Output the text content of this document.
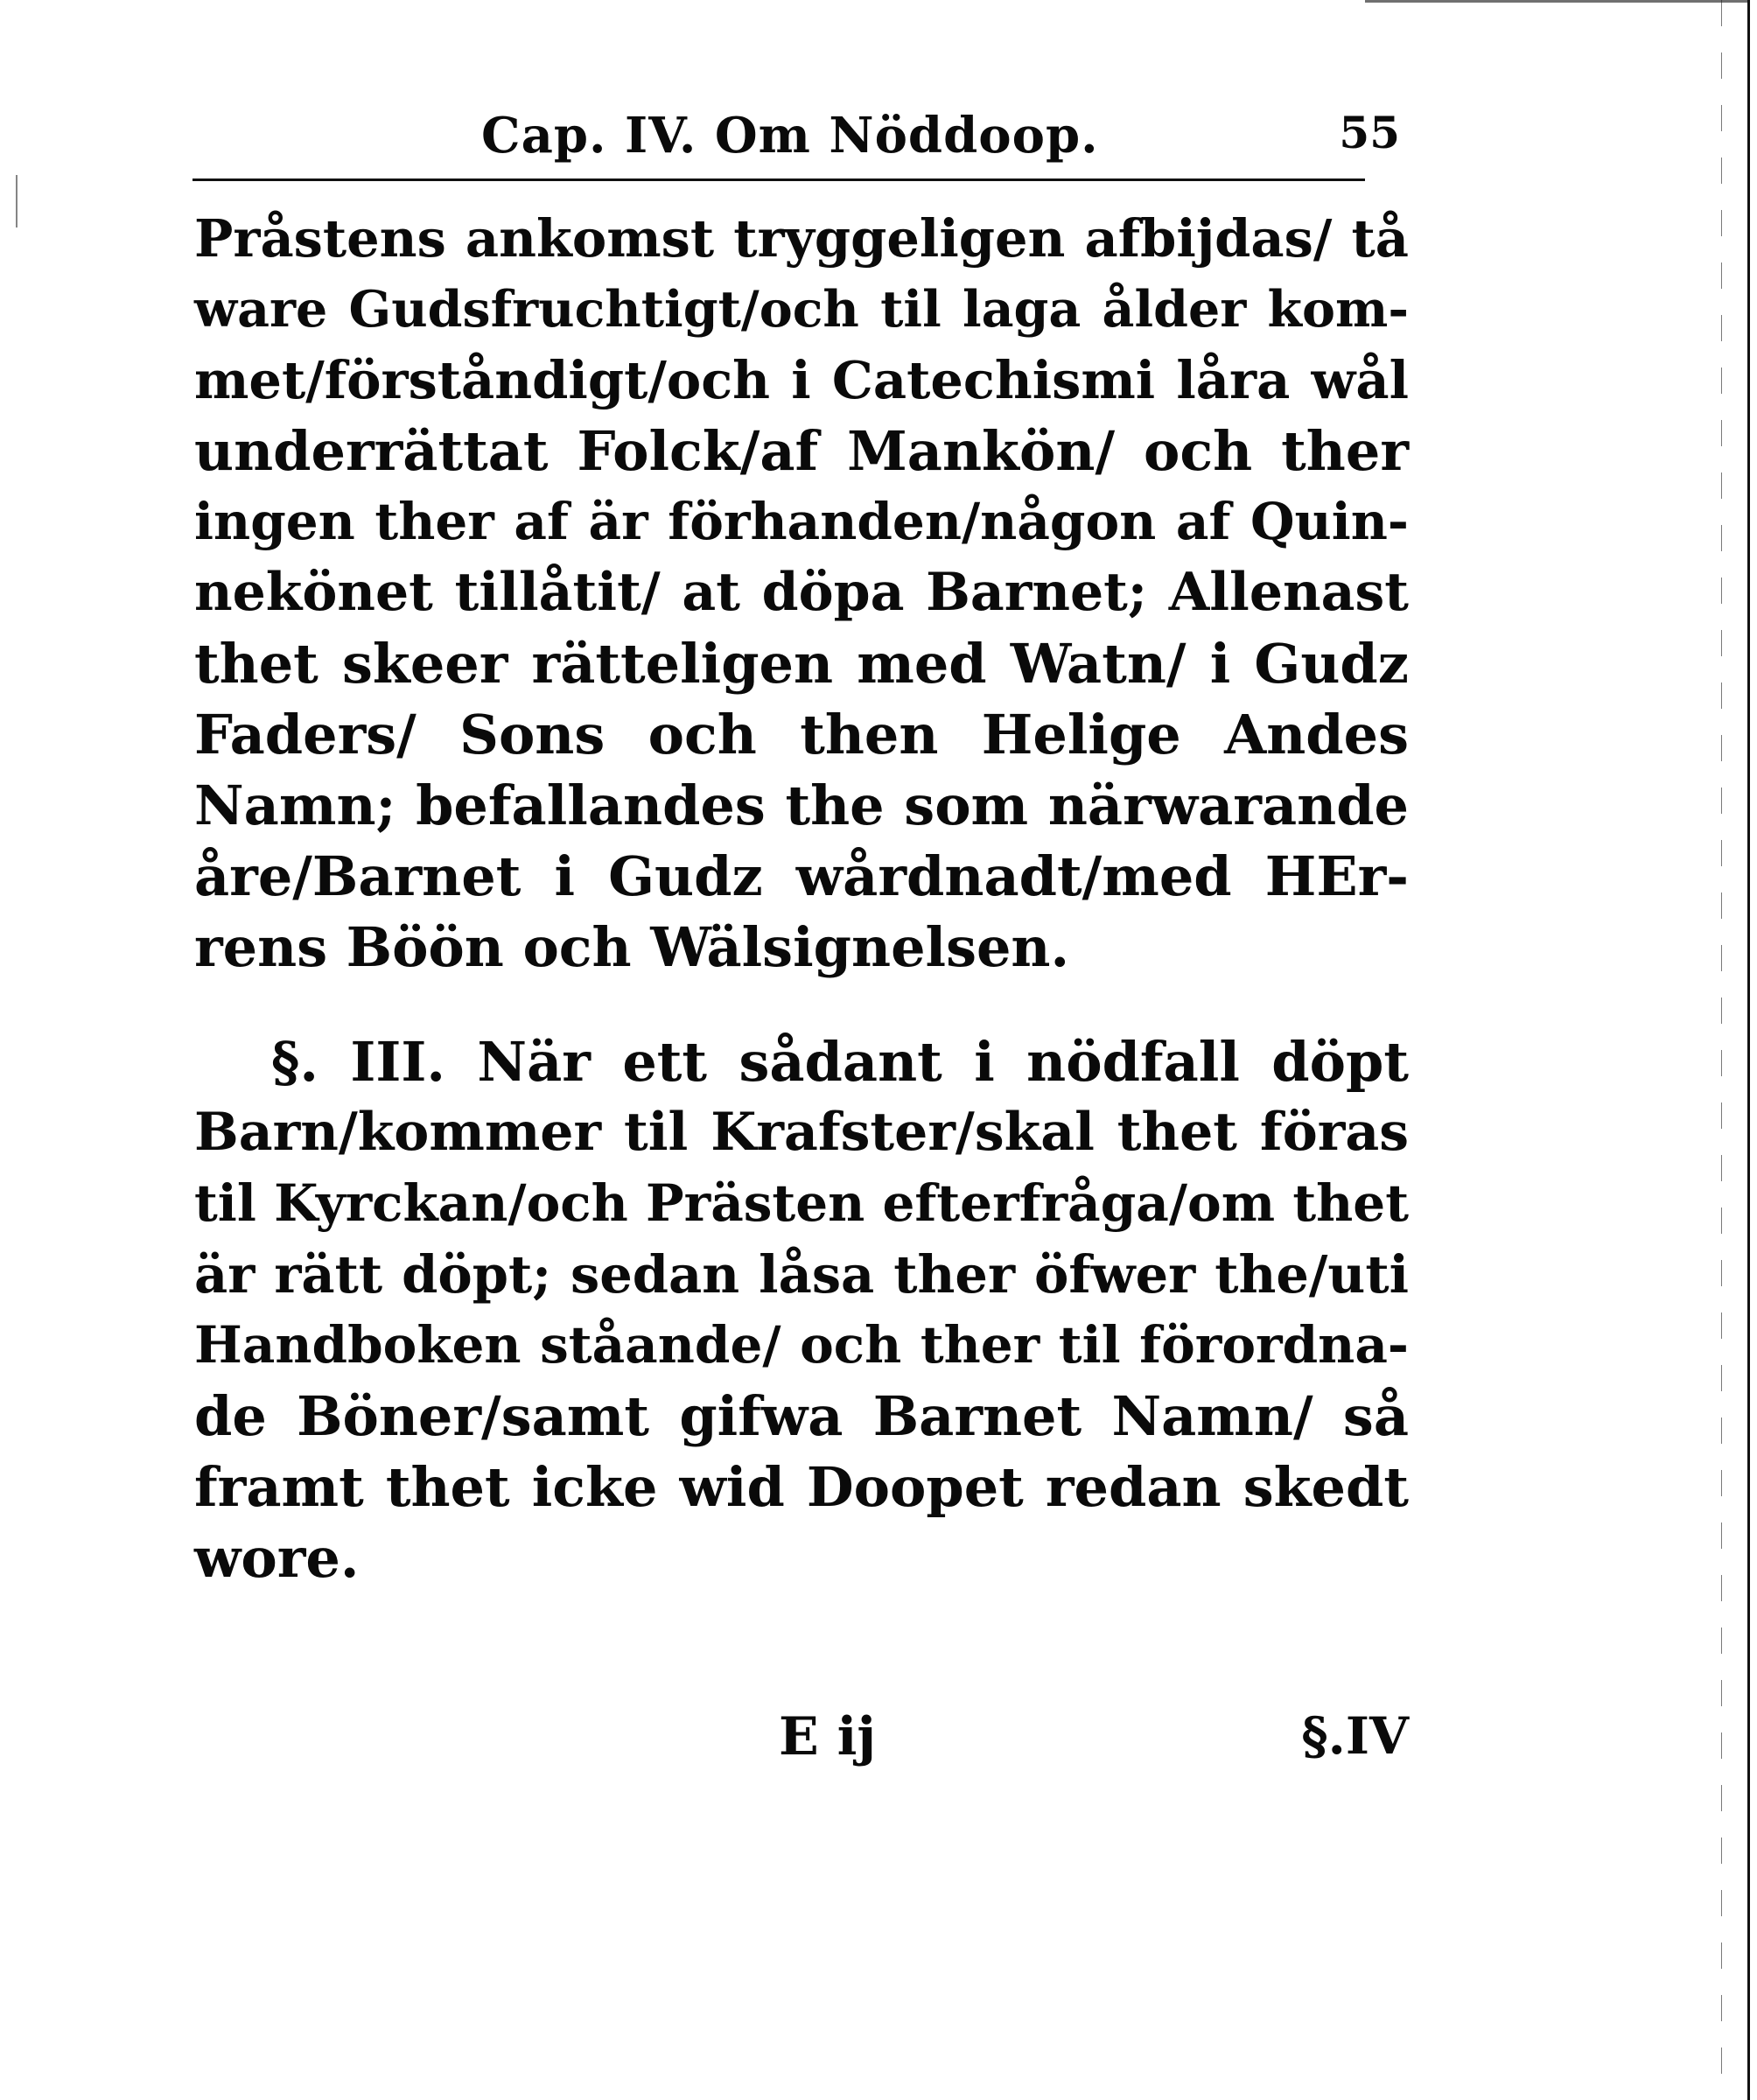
Cap. IV. Om Nöddoop.	55
Pråstens ankomst tryggeligen afbijdas/ tå
ware Gudsfruchtigt/och til laga ålder kom-
met/förståndigt/och i Catechismi låra wål
underrättat Folck/af Mankön/ och ther
ingen ther af är förhanden/någon af Quin-
nekönet tillåtit/ at döpa Barnet; Allenast
thet skeer rätteligen med Watn/ i Gudz
Faders/ Sons och then Helige Andes
Namn; befallandes the som närwarande
åre/Barnet i Gudz wårdnadt/med HEr-
rens Böön och Wälsignelsen.
§. III. När ett sådant i nödfall döpt
Barn/kommer til Krafster/skal thet föras
til Kyrckan/och Prästen efterfråga/om thet
är rätt döpt; sedan låsa ther öfwer the/uti
Handboken ståande/ och ther til förordna-
de Böner/samt gifwa Barnet Namn/ så
framt thet icke wid Doopet redan skedt
wore.
E ij	§.IV
